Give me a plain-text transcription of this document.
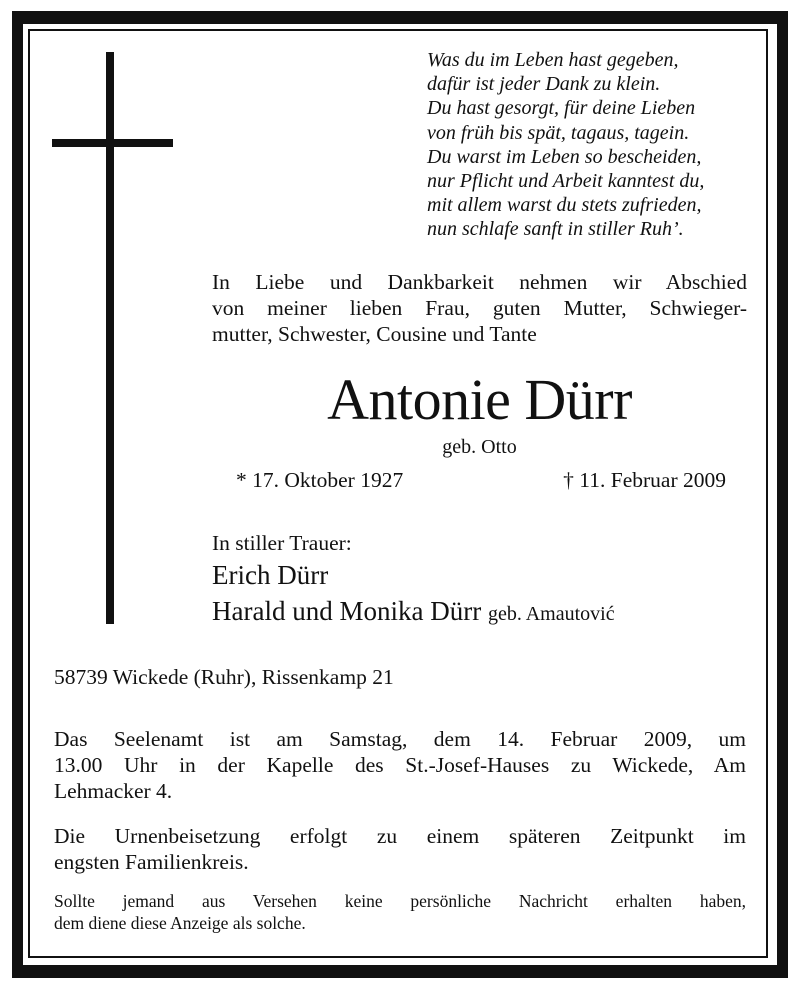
Was du im Leben hast gegeben,
dafür ist jeder Dank zu klein.
Du hast gesorgt, für deine Lieben
von früh bis spät, tagaus, tagein.
Du warst im Leben so bescheiden,
nur Pflicht und Arbeit kanntest du,
mit allem warst du stets zufrieden,
nun schlafe sanft in stiller Ruh’.
In Liebe und Dankbarkeit nehmen wir Abschied
von meiner lieben Frau, guten Mutter, Schwieger-
mutter, Schwester, Cousine und Tante
Antonie Dürr
geb. Otto
* 17. Oktober 1927	† 11. Februar 2009
In stiller Trauer:
Erich Dürr
Harald und Monika Dürr geb. Amautović
58739 Wickede (Ruhr), Rissenkamp 21
Das Seelenamt ist am Samstag, dem 14. Februar 2009, um
13.00 Uhr in der Kapelle des St.-Josef-Hauses zu Wickede, Am
Lehmacker 4.
Die Urnenbeisetzung erfolgt zu einem späteren Zeitpunkt im
engsten Familienkreis.
Sollte jemand aus Versehen keine persönliche Nachricht erhalten haben,
dem diene diese Anzeige als solche.
